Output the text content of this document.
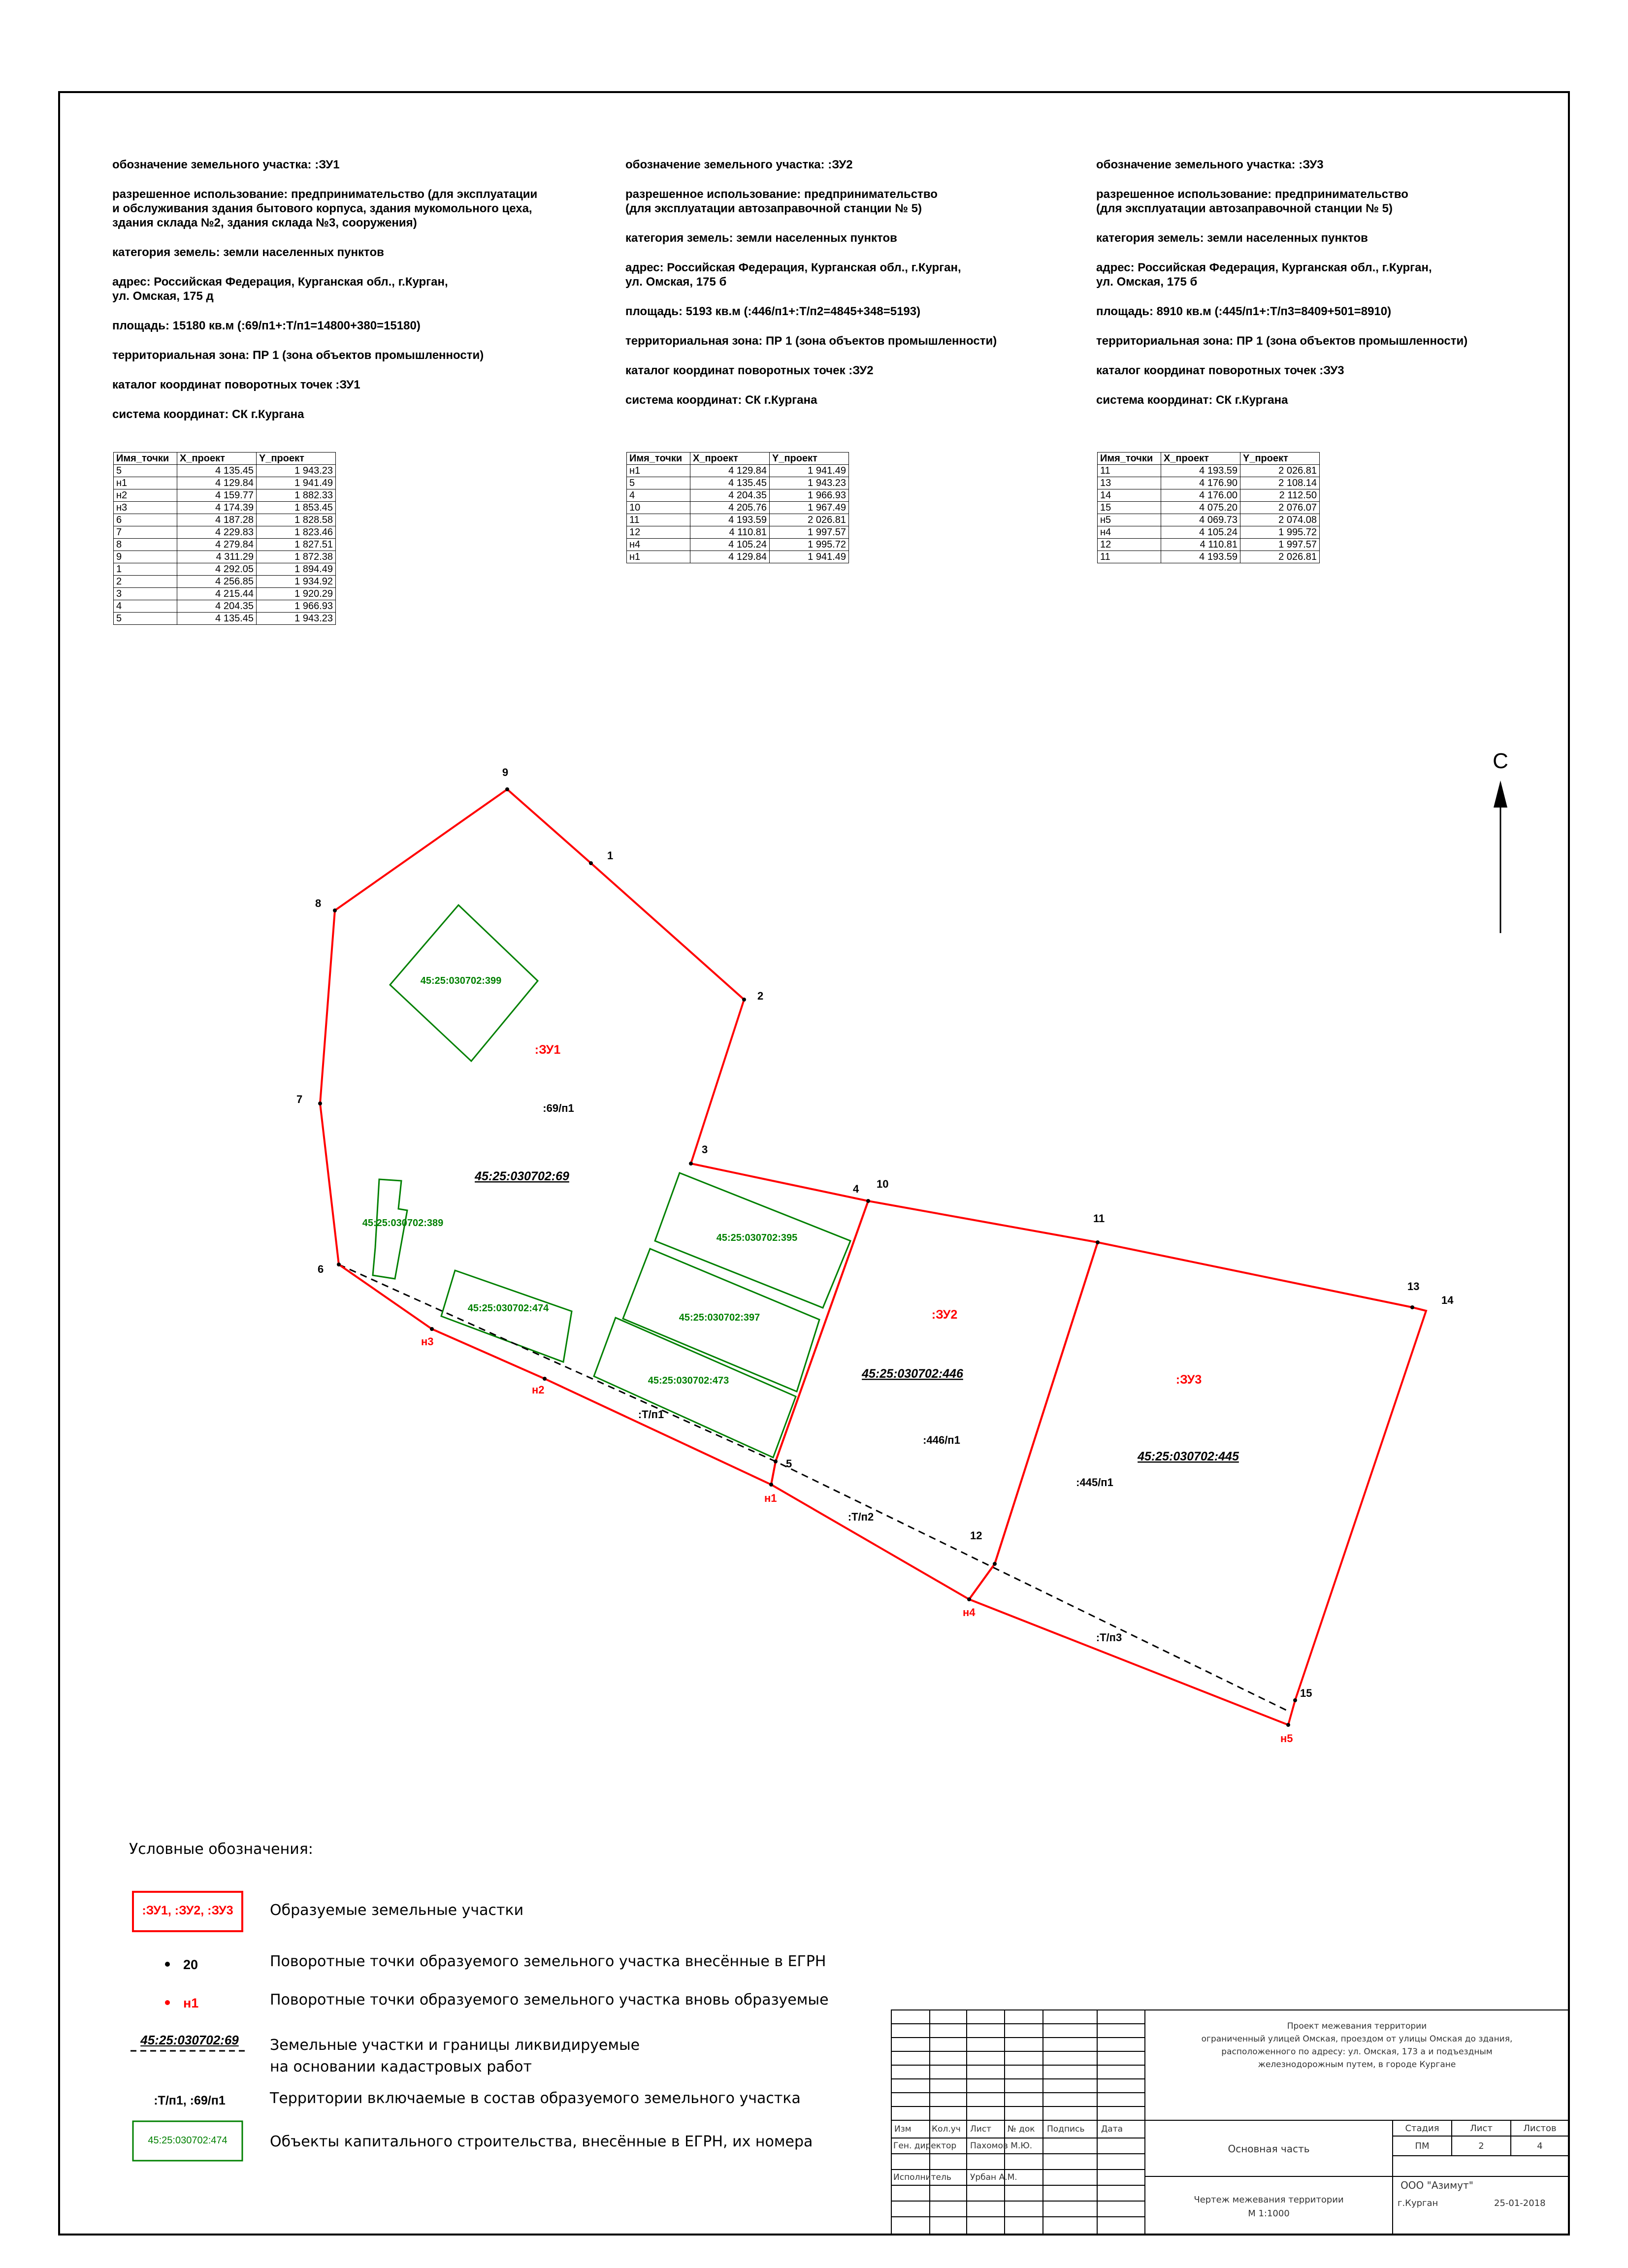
обозначение земельного участка: :ЗУ1

разрешенное использование: предпринимательство (для эксплуатации
и обслуживания здания бытового корпуса, здания мукомольного цеха,
здания склада №2, здания склада №3, сооружения)

категория земель: земли населенных пунктов

адрес: Российская Федерация, Курганская обл., г.Курган,
ул. Омская, 175 д

площадь: 15180 кв.м (:69/п1+:Т/п1=14800+380=15180)

территориальная зона: ПР 1 (зона объектов промышленности)

каталог координат поворотных точек :ЗУ1

система координат: СК г.Кургана

обозначение земельного участка: :ЗУ2

разрешенное использование: предпринимательство
(для эксплуатации автозаправочной станции № 5)

категория земель: земли населенных пунктов

адрес: Российская Федерация, Курганская обл., г.Курган,
ул. Омская, 175 б

площадь: 5193 кв.м (:446/п1+:Т/п2=4845+348=5193)

территориальная зона: ПР 1 (зона объектов промышленности)

каталог координат поворотных точек :ЗУ2

система координат: СК г.Кургана

обозначение земельного участка: :ЗУ3

разрешенное использование: предпринимательство
(для эксплуатации автозаправочной станции № 5)

категория земель: земли населенных пунктов

адрес: Российская Федерация, Курганская обл., г.Курган,
ул. Омская, 175 б

площадь: 8910 кв.м (:445/п1+:Т/п3=8409+501=8910)

территориальная зона: ПР 1 (зона объектов промышленности)

каталог координат поворотных точек :ЗУ3

система координат: СК г.Кургана

Имя_точки	X_проект	Y_проект
5	4 135.45	1 943.23
н1	4 129.84	1 941.49
н2	4 159.77	1 882.33
н3	4 174.39	1 853.45
6	4 187.28	1 828.58
7	4 229.83	1 823.46
8	4 279.84	1 827.51
9	4 311.29	1 872.38
1	4 292.05	1 894.49
2	4 256.85	1 934.92
3	4 215.44	1 920.29
4	4 204.35	1 966.93
5	4 135.45	1 943.23
Имя_точки	X_проект	Y_проект
н1	4 129.84	1 941.49
5	4 135.45	1 943.23
4	4 204.35	1 966.93
10	4 205.76	1 967.49
11	4 193.59	2 026.81
12	4 110.81	1 997.57
н4	4 105.24	1 995.72
н1	4 129.84	1 941.49
Имя_точки	X_проект	Y_проект
11	4 193.59	2 026.81
13	4 176.90	2 108.14
14	4 176.00	2 112.50
15	4 075.20	2 076.07
н5	4 069.73	2 074.08
н4	4 105.24	1 995.72
12	4 110.81	1 997.57
11	4 193.59	2 026.81
С
:ЗУ1
:ЗУ2
:ЗУ3
45:25:030702:69
45:25:030702:446
45:25:030702:445
:69/п1
:446/п1
:445/п1
:Т/п1
:Т/п2
:Т/п3
45:25:030702:399
45:25:030702:389
45:25:030702:474
45:25:030702:395
45:25:030702:397
45:25:030702:473
9
1
8
2
7
3
4 10
6
11
13
14
5
12
15
н3
н2
н1
н4
н5
Условные обозначения:
:ЗУ1, :ЗУ2, :ЗУ3	Образуемые земельные участки
20	Поворотные точки образуемого земельного участка внесённые в ЕГРН
н1	Поворотные точки образуемого земельного участка вновь образуемые
45:25:030702:69	Земельные участки и границы ликвидируемые
на основании кадастровых работ
:Т/п1, :69/п1	Территории включаемые в состав образуемого земельного участка
45:25:030702:474	Объекты капитального строительства, внесённые в ЕГРН, их номера
Проект межевания территории
ограниченный улицей Омская, проездом от улицы Омская до здания,
расположенного по адресу: ул. Омская, 173 а и подъездным
железнодорожным путем, в городе Кургане
Изм Кол.уч Лист № док Подпись Дата
Ген. директор Пахомов М.Ю.
Исполнитель Урбан А.М.
Основная часть
Чертеж межевания территории
М 1:1000
Стадия	Лист	Листов
ПМ	2	4
ООО "Азимут"
г.Курган	25-01-2018
